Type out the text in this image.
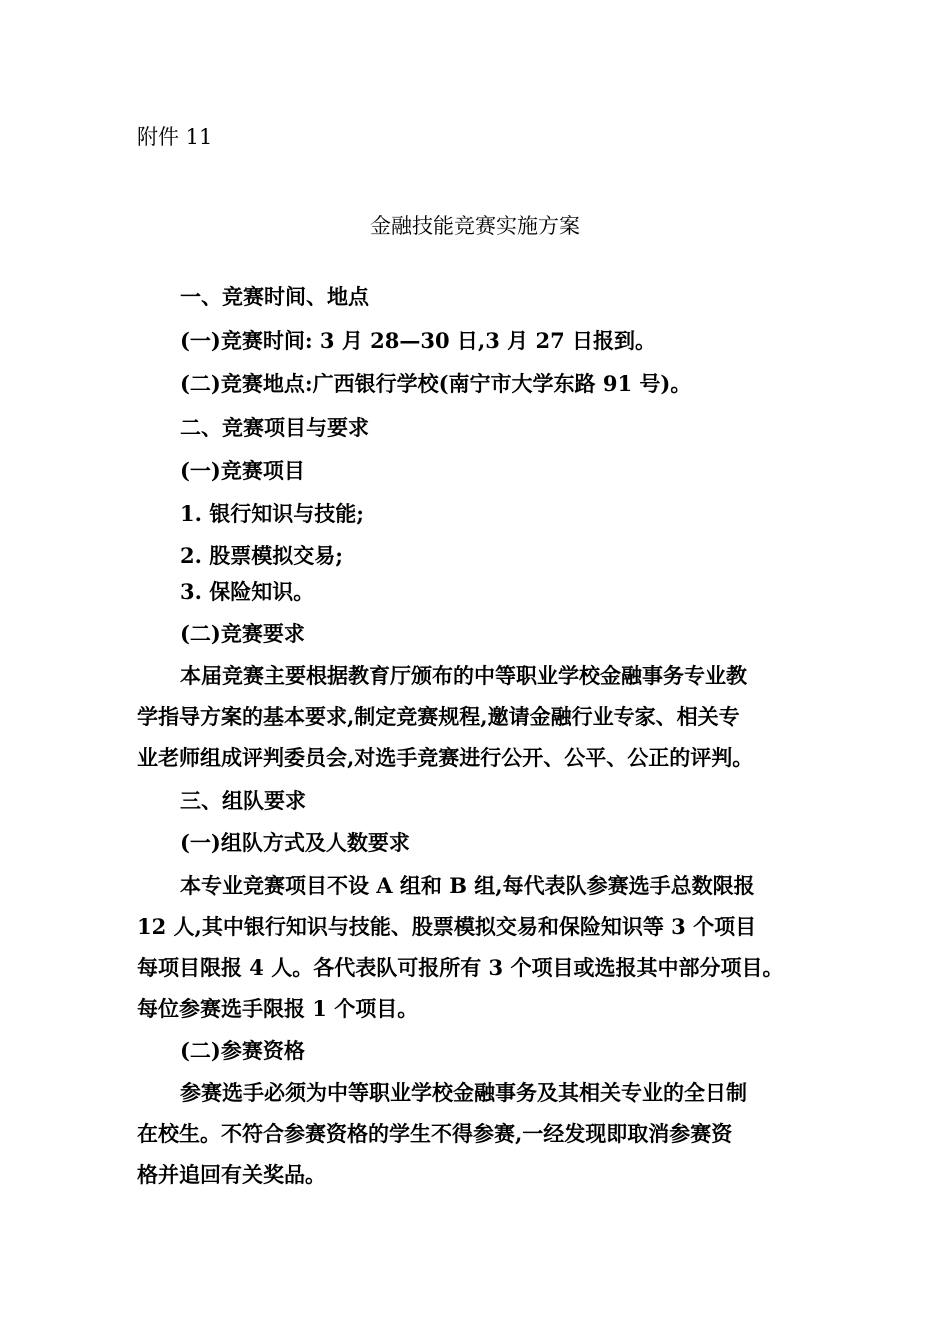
附件 11

金融技能竞赛实施方案

一、竞赛时间、地点

(一)竞赛时间: 3 月 28—30 日,3 月 27 日报到。

(二)竞赛地点:广西银行学校(南宁市大学东路 91 号)。

二、竞赛项目与要求

(一)竞赛项目

1. 银行知识与技能;

2. 股票模拟交易;

3. 保险知识。

(二)竞赛要求

本届竞赛主要根据教育厅颁布的中等职业学校金融事务专业教

学指导方案的基本要求,制定竞赛规程,邀请金融行业专家、相关专

业老师组成评判委员会,对选手竞赛进行公开、公平、公正的评判。

三、组队要求

(一)组队方式及人数要求

本专业竞赛项目不设 A 组和 B 组,每代表队参赛选手总数限报

12 人,其中银行知识与技能、股票模拟交易和保险知识等 3 个项目

每项目限报 4 人。各代表队可报所有 3 个项目或选报其中部分项目。

每位参赛选手限报 1 个项目。

(二)参赛资格

参赛选手必须为中等职业学校金融事务及其相关专业的全日制

在校生。不符合参赛资格的学生不得参赛,一经发现即取消参赛资

格并追回有关奖品。
